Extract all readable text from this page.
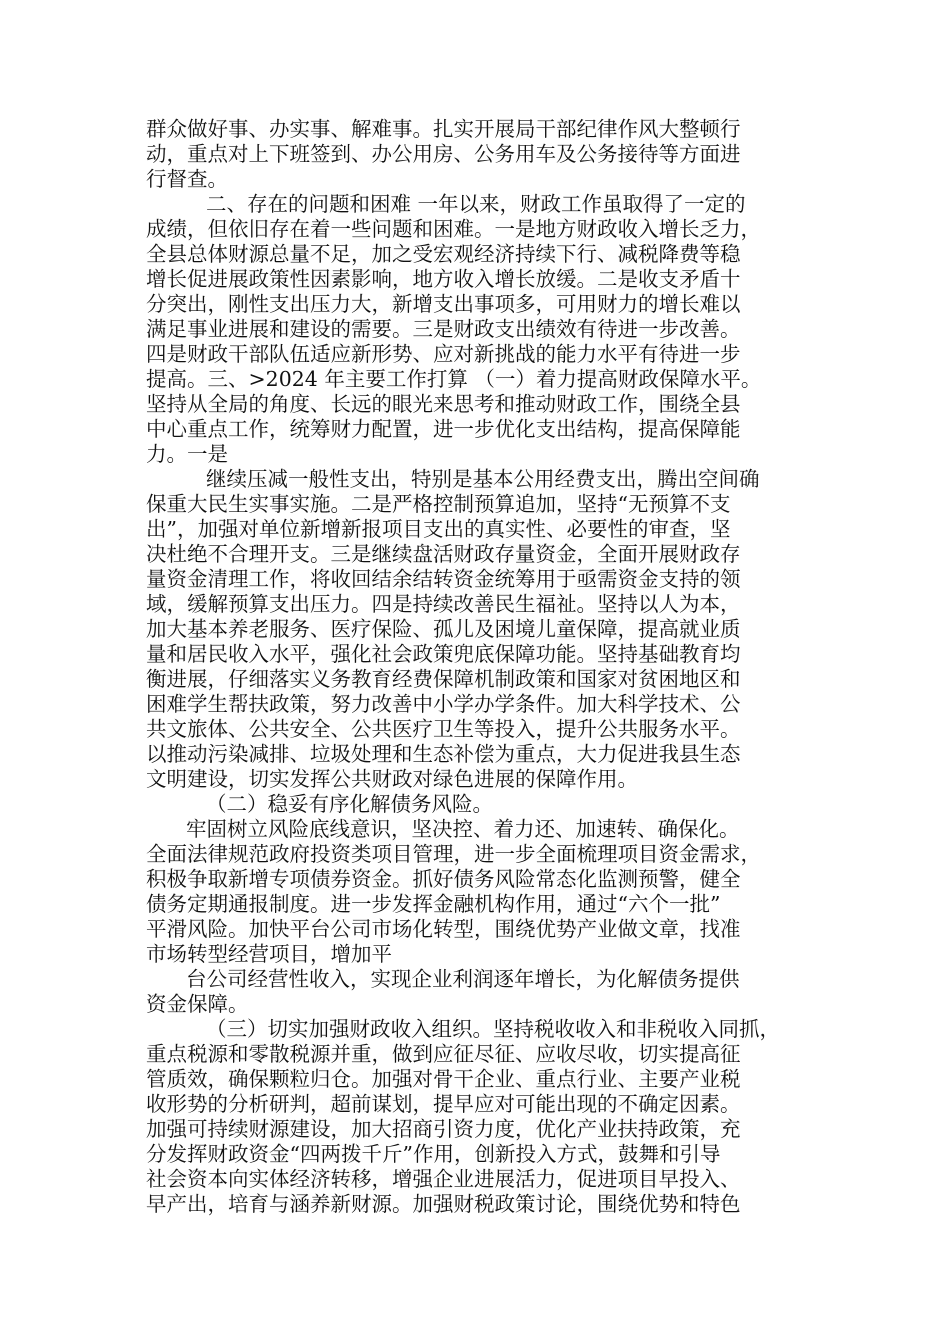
群众做好事、办实事、解难事。扎实开展局干部纪律作风大整顿行
动，重点对上下班签到、办公用房、公务用车及公务接待等方面进
行督查。
二、存在的问题和困难 一年以来，财政工作虽取得了一定的
成绩，但依旧存在着一些问题和困难。一是地方财政收入增长乏力，
全县总体财源总量不足，加之受宏观经济持续下行、减税降费等稳
增长促进展政策性因素影响，地方收入增长放缓。二是收支矛盾十
分突出，刚性支出压力大，新增支出事项多，可用财力的增长难以
满足事业进展和建设的需要。三是财政支出绩效有待进一步改善。
四是财政干部队伍适应新形势、应对新挑战的能力水平有待进一步
提高。三、>2024 年主要工作打算 （一）着力提高财政保障水平。
坚持从全局的角度、长远的眼光来思考和推动财政工作，围绕全县
中心重点工作，统筹财力配置，进一步优化支出结构，提高保障能
力。一是
继续压减一般性支出，特别是基本公用经费支出，腾出空间确
保重大民生实事实施。二是严格控制预算追加，坚持“无预算不支
出”，加强对单位新增新报项目支出的真实性、必要性的审查，坚
决杜绝不合理开支。三是继续盘活财政存量资金，全面开展财政存
量资金清理工作，将收回结余结转资金统筹用于亟需资金支持的领
域，缓解预算支出压力。四是持续改善民生福祉。坚持以人为本，
加大基本养老服务、医疗保险、孤儿及困境儿童保障，提高就业质
量和居民收入水平，强化社会政策兜底保障功能。坚持基础教育均
衡进展，仔细落实义务教育经费保障机制政策和国家对贫困地区和
困难学生帮扶政策，努力改善中小学办学条件。加大科学技术、公
共文旅体、公共安全、公共医疗卫生等投入，提升公共服务水平。
以推动污染减排、垃圾处理和生态补偿为重点，大力促进我县生态
文明建设，切实发挥公共财政对绿色进展的保障作用。
（二）稳妥有序化解债务风险。
牢固树立风险底线意识，坚决控、着力还、加速转、确保化。
全面法律规范政府投资类项目管理，进一步全面梳理项目资金需求，
积极争取新增专项债券资金。抓好债务风险常态化监测预警，健全
债务定期通报制度。进一步发挥金融机构作用，通过“六个一批”
平滑风险。加快平台公司市场化转型，围绕优势产业做文章，找准
市场转型经营项目，增加平
台公司经营性收入，实现企业利润逐年增长，为化解债务提供
资金保障。
（三）切实加强财政收入组织。坚持税收收入和非税收入同抓，
重点税源和零散税源并重，做到应征尽征、应收尽收，切实提高征
管质效，确保颗粒归仓。加强对骨干企业、重点行业、主要产业税
收形势的分析研判，超前谋划，提早应对可能出现的不确定因素。
加强可持续财源建设，加大招商引资力度，优化产业扶持政策，充
分发挥财政资金“四两拨千斤”作用，创新投入方式，鼓舞和引导
社会资本向实体经济转移，增强企业进展活力，促进项目早投入、
早产出，培育与涵养新财源。加强财税政策讨论，围绕优势和特色
